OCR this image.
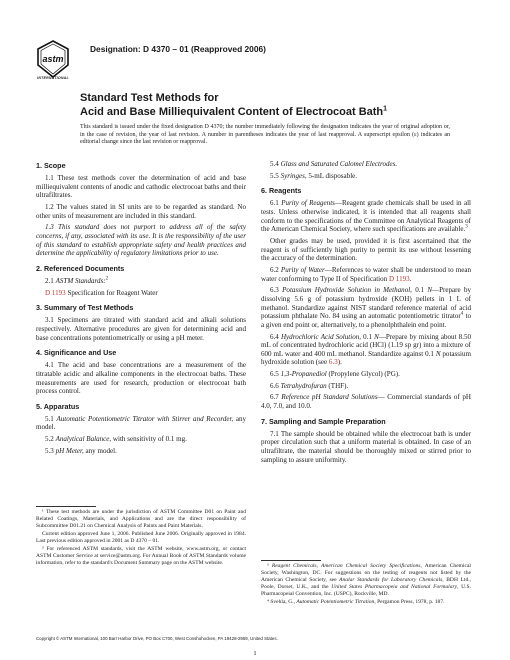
astm
INTERNATIONAL
Designation: D 4370 – 01 (Reapproved 2006)
Standard Test Methods for
Acid and Base Milliequivalent Content of Electrocoat Bath$^1$
This standard is issued under the fixed designation D 4370; the number immediately following the designation indicates the year of original adoption or, in the case of revision, the year of last revision. A number in parentheses indicates the year of last reapproval. A superscript epsilon (ε) indicates an editorial change since the last revision or reapproval.
1. Scope

1.1 These test methods cover the determination of acid and base milliequivalent contents of anodic and cathodic electrocoat baths and their ultrafiltrates.

1.2 The values stated in SI units are to be regarded as standard. No other units of measurement are included in this standard.

1.3 This standard does not purport to address all of the safety concerns, if any, associated with its use. It is the responsibility of the user of this standard to establish appropriate safety and health practices and determine the applicability of regulatory limitations prior to use.

2. Referenced Documents

2.1 ASTM Standards:$^2$

D 1193 Specification for Reagent Water

3. Summary of Test Methods

3.1 Specimens are titrated with standard acid and alkali solutions respectively. Alternative procedures are given for determining acid and base concentrations potentiometrically or using a pH meter.

4. Significance and Use

4.1 The acid and base concentrations are a measurement of the titratable acidic and alkaline components in the electrocoat baths. These measurements are used for research, production or electrocoat bath process control.

5. Apparatus

5.1 Automatic Potentiometric Titrator with Stirrer and Recorder, any model.

5.2 Analytical Balance, with sensitivity of 0.1 mg.

5.3 pH Meter, any model.

5.4 Glass and Saturated Calomel Electrodes.

5.5 Syringes, 5-mL disposable.

6. Reagents

6.1 Purity of Reagents—Reagent grade chemicals shall be used in all tests. Unless otherwise indicated, it is intended that all reagents shall conform to the specifications of the Committee on Analytical Reagents of the American Chemical Society, where such specifications are available.$^3$

Other grades may be used, provided it is first ascertained that the reagent is of sufficiently high purity to permit its use without lessening the accuracy of the determination.

6.2 Purity of Water—References to water shall be understood to mean water conforming to Type II of Specification D 1193.

6.3 Potassium Hydroxide Solution in Methanol, 0.1 N—Prepare by dissolving 5.6 g of potassium hydroxide (KOH) pellets in 1 L of methanol. Standardize against NIST standard reference material of acid potassium phthalate No. 84 using an automatic potentiometric titrator$^4$ to a given end point or, alternatively, to a phenolphthalein end point.

6.4 Hydrochloric Acid Solution, 0.1 N—Prepare by mixing about 8.50 mL of concentrated hydrochloric acid (HCl) (1.19 sp gr) into a mixture of 600 mL water and 400 mL methanol. Standardize against 0.1 N potassium hydroxide solution (see 6.3).

6.5 1,3-Propanediol (Propylene Glycol) (PG).

6.6 Tetrahydrofuran (THF).

6.7 Reference pH Standard Solutions— Commercial standards of pH 4.0, 7.0, and 10.0.

7. Sampling and Sample Preparation

7.1 The sample should be obtained while the electrocoat bath is under proper circulation such that a uniform material is obtained. In case of an ultrafiltrate, the material should be thoroughly mixed or stirred prior to sampling to assure uniformity.

¹ These test methods are under the jurisdiction of ASTM Committee D01 on Paint and Related Coatings, Materials, and Applications and are the direct responsibility of Subcommittee D01.21 on Chemical Analysis of Paints and Paint Materials.

Current edition approved June 1, 2006. Published June 2006. Originally approved in 1984. Last previous edition approved in 2001 as D 4370 – 01.

² For referenced ASTM standards, visit the ASTM website, www.astm.org, or contact ASTM Customer Service at service@astm.org. For Annual Book of ASTM Standards volume information, refer to the standard's Document Summary page on the ASTM website.	³ Reagent Chemicals, American Chemical Society Specifications, American Chemical Society, Washington, DC. For suggestions on the testing of reagents not listed by the American Chemical Society, see Analar Standards for Laboratory Chemicals, BDH Ltd., Poole, Dorset, U.K., and the United States Pharmacopeia and National Formulary, U.S. Pharmacopeial Convention, Inc. (USPC), Rockville, MD.

⁴ Svehla, G., Automatic Potentiometric Titration, Pergamon Press, 1978, p. 187.

Copyright © ASTM International, 100 Barr Harbor Drive, PO Box C700, West Conshohocken, PA 19428-2959, United States.
1
